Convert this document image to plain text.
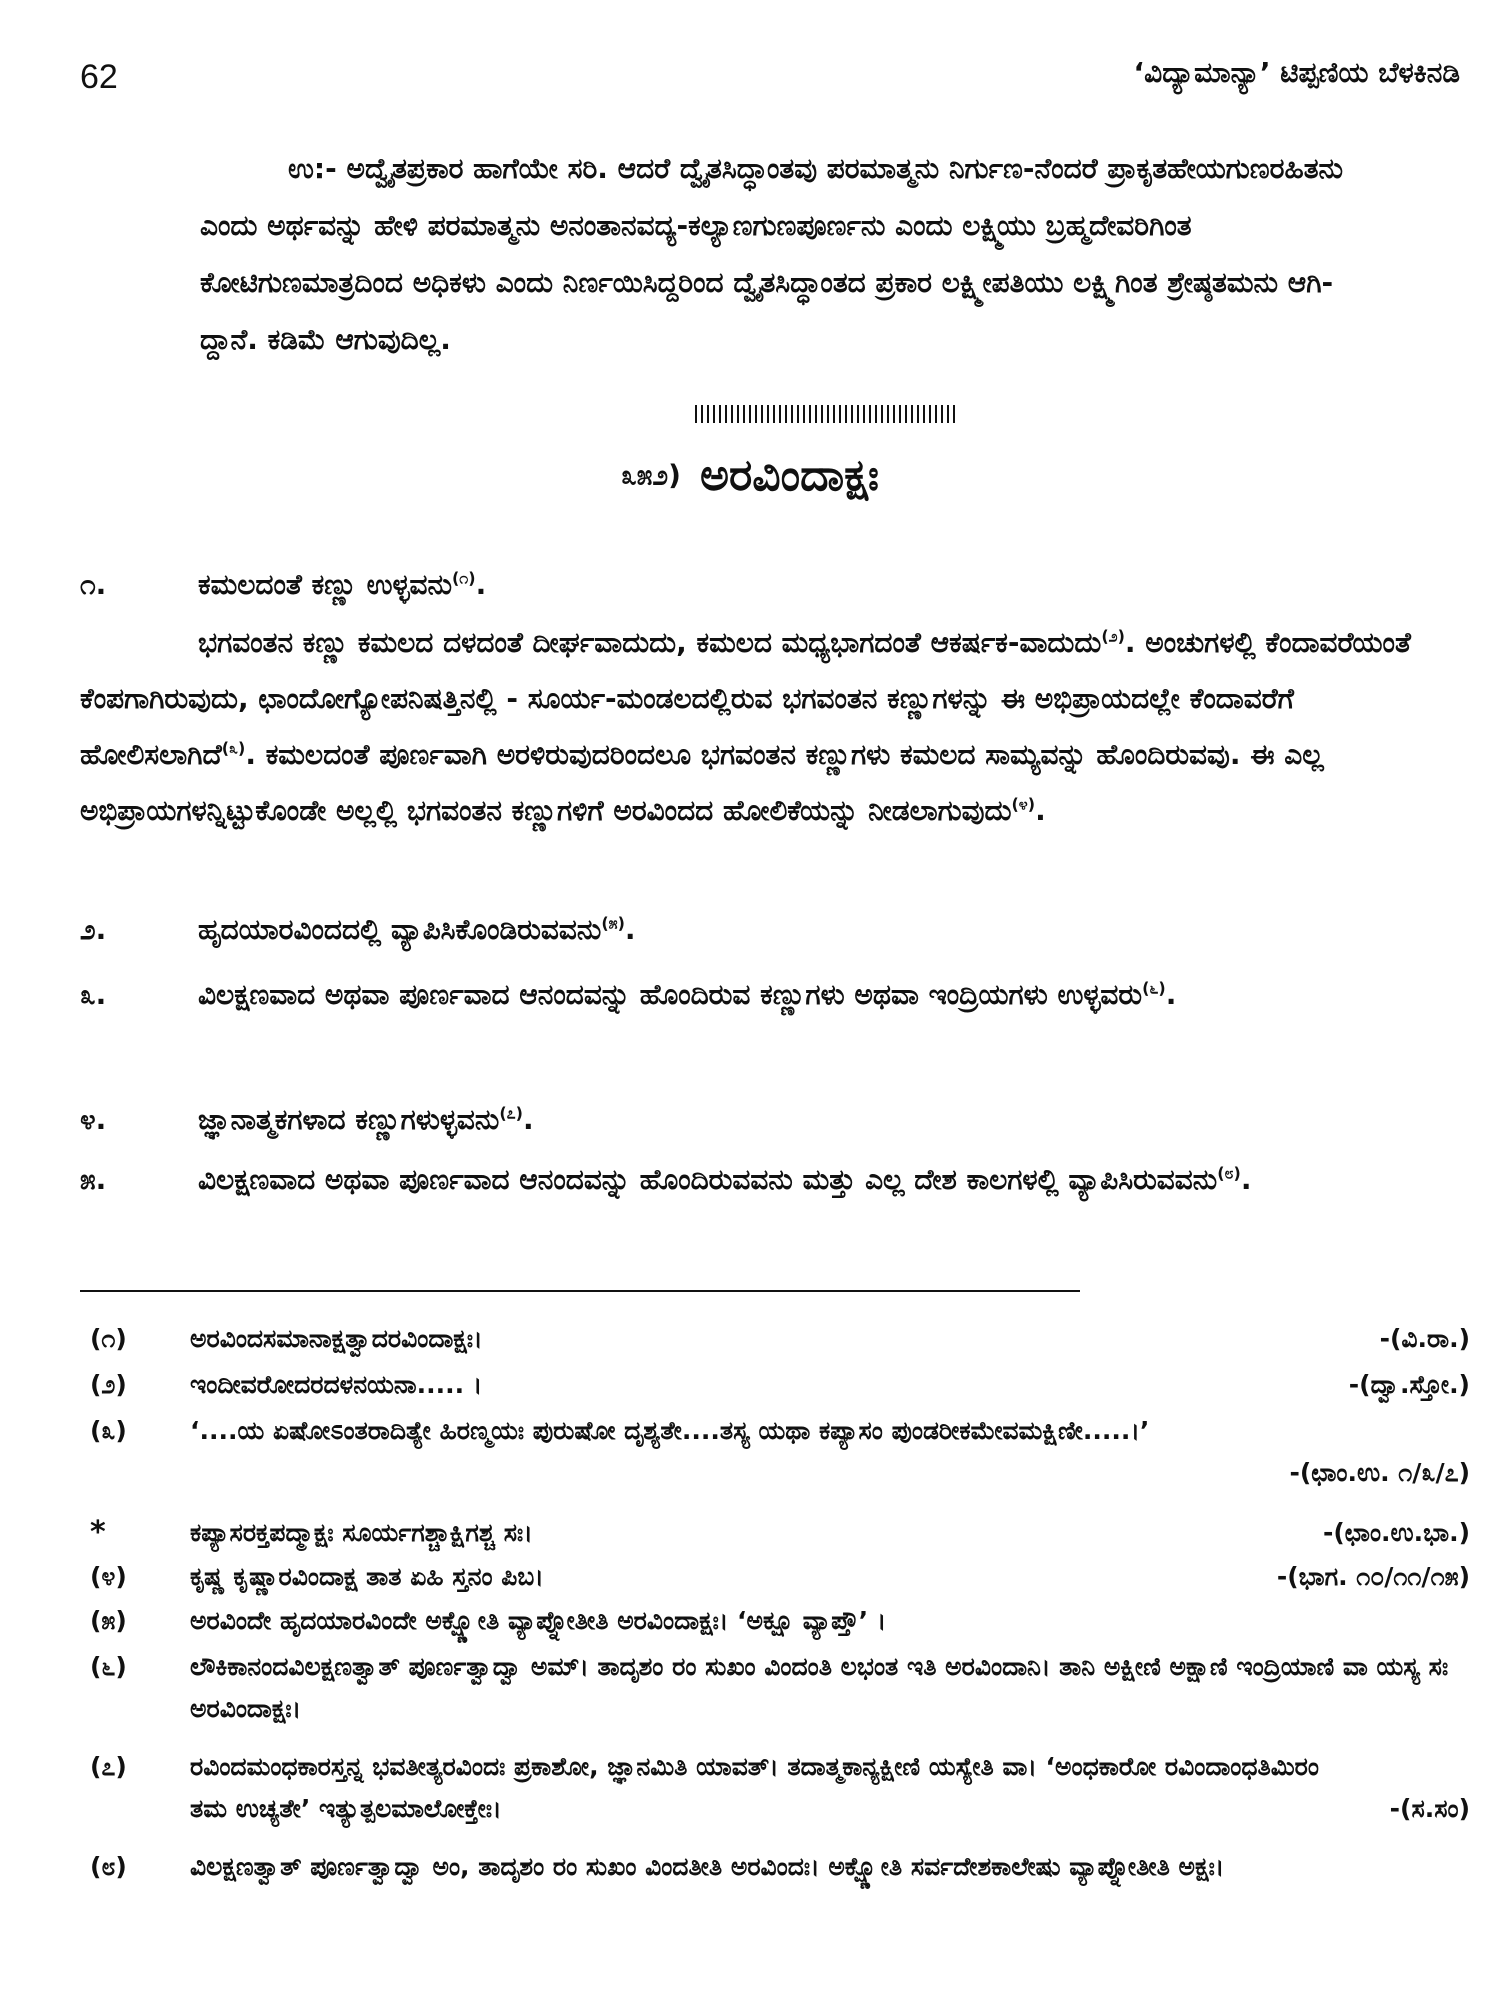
62	‘ವಿದ್ಯಾಮಾನ್ಯಾ’ ಟಿಪ್ಪಣಿಯ ಬೆಳಕಿನಡಿ
ಉ:- ಅದ್ವೈತಪ್ರಕಾರ ಹಾಗೆಯೇ ಸರಿ. ಆದರೆ ದ್ವೈತಸಿದ್ಧಾಂತವು ಪರಮಾತ್ಮನು ನಿರ್ಗುಣ-ನೆಂದರೆ ಪ್ರಾಕೃತಹೇಯಗುಣರಹಿತನು ಎಂದು ಅರ್ಥವನ್ನು ಹೇಳಿ ಪರಮಾತ್ಮನು ಅನಂತಾನವದ್ಯ-ಕಲ್ಯಾಣಗುಣಪೂರ್ಣನು ಎಂದು ಲಕ್ಷ್ಮಿಯು ಬ್ರಹ್ಮದೇವರಿಗಿಂತ ಕೋಟಿಗುಣಮಾತ್ರದಿಂದ ಅಧಿಕಳು ಎಂದು ನಿರ್ಣಯಿಸಿದ್ದರಿಂದ ದ್ವೈತಸಿದ್ಧಾಂತದ ಪ್ರಕಾರ ಲಕ್ಷ್ಮೀಪತಿಯು ಲಕ್ಷ್ಮಿಗಿಂತ ಶ್ರೇಷ್ಠತಮನು ಆಗಿ-ದ್ದಾನೆ. ಕಡಿಮೆ ಆಗುವುದಿಲ್ಲ.
೩೫೨) ಅರವಿಂದಾಕ್ಷಃ
೧.	ಕಮಲದಂತೆ ಕಣ್ಣು ಉಳ್ಳವನು$^{(೧)}$.
ಭಗವಂತನ ಕಣ್ಣು ಕಮಲದ ದಳದಂತೆ ದೀರ್ಘವಾದುದು, ಕಮಲದ ಮಧ್ಯಭಾಗದಂತೆ ಆಕರ್ಷಕ-ವಾದುದು$^{(೨)}$. ಅಂಚುಗಳಲ್ಲಿ ಕೆಂದಾವರೆಯಂತೆ ಕೆಂಪಗಾಗಿರುವುದು, ಛಾಂದೋಗ್ಯೋಪನಿಷತ್ತಿನಲ್ಲಿ - ಸೂರ್ಯ-ಮಂಡಲದಲ್ಲಿರುವ ಭಗವಂತನ ಕಣ್ಣುಗಳನ್ನು ಈ ಅಭಿಪ್ರಾಯದಲ್ಲೇ ಕೆಂದಾವರೆಗೆ ಹೋಲಿಸಲಾಗಿದೆ$^{(೩)}$. ಕಮಲದಂತೆ ಪೂರ್ಣವಾಗಿ ಅರಳಿರುವುದರಿಂದಲೂ ಭಗವಂತನ ಕಣ್ಣುಗಳು ಕಮಲದ ಸಾಮ್ಯವನ್ನು ಹೊಂದಿರುವವು. ಈ ಎಲ್ಲ ಅಭಿಪ್ರಾಯಗಳನ್ನಿಟ್ಟುಕೊಂಡೇ ಅಲ್ಲಲ್ಲಿ ಭಗವಂತನ ಕಣ್ಣುಗಳಿಗೆ ಅರವಿಂದದ ಹೋಲಿಕೆಯನ್ನು ನೀಡಲಾಗುವುದು$^{(೪)}$.
೨.	ಹೃದಯಾರವಿಂದದಲ್ಲಿ ವ್ಯಾಪಿಸಿಕೊಂಡಿರುವವನು$^{(೫)}$.
೩.	ವಿಲಕ್ಷಣವಾದ ಅಥವಾ ಪೂರ್ಣವಾದ ಆನಂದವನ್ನು ಹೊಂದಿರುವ ಕಣ್ಣುಗಳು ಅಥವಾ ಇಂದ್ರಿಯಗಳು ಉಳ್ಳವರು$^{(೬)}$.
೪.	ಜ್ಞಾನಾತ್ಮಕಗಳಾದ ಕಣ್ಣುಗಳುಳ್ಳವನು$^{(೭)}$.
೫.	ವಿಲಕ್ಷಣವಾದ ಅಥವಾ ಪೂರ್ಣವಾದ ಆನಂದವನ್ನು ಹೊಂದಿರುವವನು ಮತ್ತು ಎಲ್ಲ ದೇಶ ಕಾಲಗಳಲ್ಲಿ ವ್ಯಾಪಿಸಿರುವವನು$^{(೮)}$.
(೧)	ಅರವಿಂದಸಮಾನಾಕ್ಷತ್ವಾದರವಿಂದಾಕ್ಷಃ।	-(ವಿ.ರಾ.)
(೨)	ಇಂದೀವರೋದರದಳನಯನಾ..... ।	-(ದ್ವಾ.ಸ್ತೋ.)
(೩)	‘....ಯ ಏಷೋಽಂತರಾದಿತ್ಯೇ ಹಿರಣ್ಮಯಃ ಪುರುಷೋ ದೃಶ್ಯತೇ....ತಸ್ಯ ಯಥಾ ಕಪ್ಯಾಸಂ ಪುಂಡರೀಕಮೇವಮಕ್ಷಿಣೀ.....।’
-(ಛಾಂ.ಉ. ೧/೩/೭)
*	ಕಪ್ಯಾಸರಕ್ತಪದ್ಮಾಕ್ಷಃ ಸೂರ್ಯಗಶ್ಚಾಕ್ಷಿಗಶ್ಚ ಸಃ।	-(ಛಾಂ.ಉ.ಭಾ.)
(೪)	ಕೃಷ್ಣ ಕೃಷ್ಣಾರವಿಂದಾಕ್ಷ ತಾತ ಏಹಿ ಸ್ತನಂ ಪಿಬ।	-(ಭಾಗ. ೧೦/೧೧/೧೫)
(೫)	ಅರವಿಂದೇ ಹೃದಯಾರವಿಂದೇ ಅಕ್ಷ್ಣೋತಿ ವ್ಯಾಪ್ನೋತೀತಿ ಅರವಿಂದಾಕ್ಷಃ। ‘ಅಕ್ಷೂ ವ್ಯಾಪ್ತೌ’ ।
(೬)	ಲೌಕಿಕಾನಂದವಿಲಕ್ಷಣತ್ವಾತ್ ಪೂರ್ಣತ್ವಾದ್ವಾ ಅಮ್। ತಾದೃಶಂ ರಂ ಸುಖಂ ವಿಂದಂತಿ ಲಭಂತ ಇತಿ ಅರವಿಂದಾನಿ। ತಾನಿ ಅಕ್ಷೀಣಿ ಅಕ್ಷಾಣಿ ಇಂದ್ರಿಯಾಣಿ ವಾ ಯಸ್ಯ ಸಃ ಅರವಿಂದಾಕ್ಷಃ।
(೭)	ರವಿಂದಮಂಧಕಾರಸ್ತನ್ನ ಭವತೀತ್ಯರವಿಂದಃ ಪ್ರಕಾಶೋ, ಜ್ಞಾನಮಿತಿ ಯಾವತ್। ತದಾತ್ಮಕಾನ್ಯಕ್ಷೀಣಿ ಯಸ್ಯೇತಿ ವಾ। ‘ಅಂಧಕಾರೋ ರವಿಂದಾಂಧತಿಮಿರಂ ತಮ ಉಚ್ಯತೇ’ ಇತ್ಯುತ್ಪಲಮಾಲೋಕ್ತೇಃ।	-(ಸ.ಸಂ)
(೮)	ವಿಲಕ್ಷಣತ್ವಾತ್ ಪೂರ್ಣತ್ವಾದ್ವಾ ಅಂ, ತಾದೃಶಂ ರಂ ಸುಖಂ ವಿಂದತೀತಿ ಅರವಿಂದಃ। ಅಕ್ಷ್ಣೋತಿ ಸರ್ವದೇಶಕಾಲೇಷು ವ್ಯಾಪ್ನೋತೀತಿ ಅಕ್ಷಃ।
